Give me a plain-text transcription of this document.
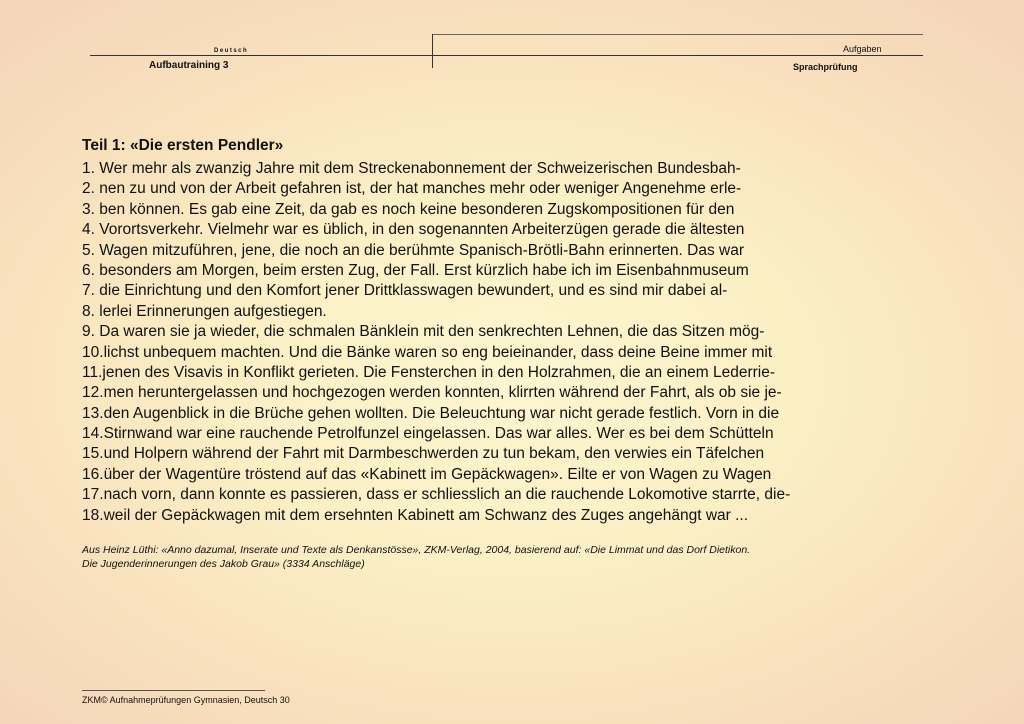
Deutsch
Aufbautraining 3
Aufgaben
Sprachprüfung
Teil 1: «Die ersten Pendler»
1. Wer mehr als zwanzig Jahre mit dem Streckenabonnement der Schweizerischen Bundesbah-
2. nen zu und von der Arbeit gefahren ist, der hat manches mehr oder weniger Angenehme erle-
3. ben können. Es gab eine Zeit, da gab es noch keine besonderen Zugskompositionen für den
4. Vorortsverkehr. Vielmehr war es üblich, in den sogenannten Arbeiterzügen gerade die ältesten
5. Wagen mitzuführen, jene, die noch an die berühmte Spanisch-Brötli-Bahn erinnerten. Das war
6. besonders am Morgen, beim ersten Zug, der Fall. Erst kürzlich habe ich im Eisenbahnmuseum
7. die Einrichtung und den Komfort jener Drittklasswagen bewundert, und es sind mir dabei al-
8. lerlei Erinnerungen aufgestiegen.
9. Da waren sie ja wieder, die schmalen Bänklein mit den senkrechten Lehnen, die das Sitzen mög-
10.lichst unbequem machten. Und die Bänke waren so eng beieinander, dass deine Beine immer mit
11.jenen des Visavis in Konflikt gerieten. Die Fensterchen in den Holzrahmen, die an einem Lederrie-
12.men heruntergelassen und hochgezogen werden konnten, klirrten während der Fahrt, als ob sie je-
13.den Augenblick in die Brüche gehen wollten. Die Beleuchtung war nicht gerade festlich. Vorn in die
14.Stirnwand war eine rauchende Petrolfunzel eingelassen. Das war alles. Wer es bei dem Schütteln
15.und Holpern während der Fahrt mit Darmbeschwerden zu tun bekam, den verwies ein Täfelchen
16.über der Wagentüre tröstend auf das «Kabinett im Gepäckwagen». Eilte er von Wagen zu Wagen
17.nach vorn, dann konnte es passieren, dass er schliesslich an die rauchende Lokomotive starrte, die-
18.weil der Gepäckwagen mit dem ersehnten Kabinett am Schwanz des Zuges angehängt war ...
Aus Heinz Lüthi: «Anno dazumal, Inserate und Texte als Denkanstösse», ZKM-Verlag, 2004, basierend auf: «Die Limmat und das Dorf Dietikon.
Die Jugenderinnerungen des Jakob Grau» (3334 Anschläge)
ZKM© Aufnahmeprüfungen Gymnasien, Deutsch 30
